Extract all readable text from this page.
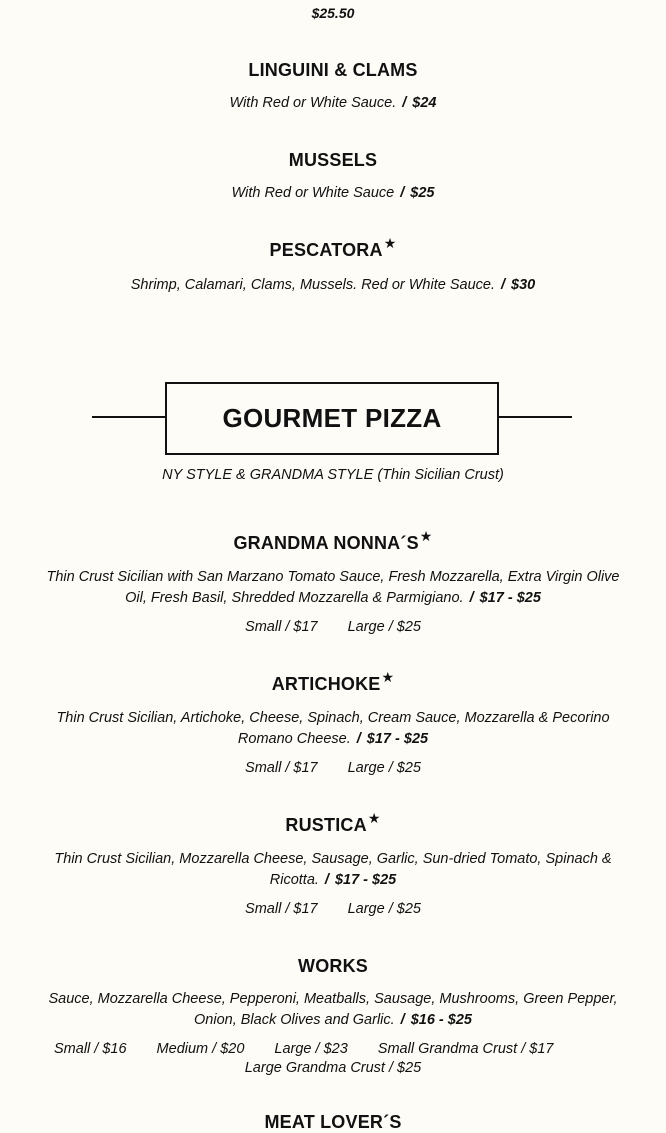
$25.50
LINGUINI & CLAMS
With Red or White Sauce. / $24
MUSSELS
With Red or White Sauce / $25
PESCATORA★
Shrimp, Calamari, Clams, Mussels. Red or White Sauce. / $30
GOURMET PIZZA
NY STYLE & GRANDMA STYLE (Thin Sicilian Crust)
GRANDMA NONNA´S★
Thin Crust Sicilian with San Marzano Tomato Sauce, Fresh Mozzarella, Extra Virgin Olive
Oil, Fresh Basil, Shredded Mozzarella & Parmigiano. / $17 - $25
Small / $17 Large / $25
ARTICHOKE★
Thin Crust Sicilian, Artichoke, Cheese, Spinach, Cream Sauce, Mozzarella & Pecorino
Romano Cheese. / $17 - $25
Small / $17 Large / $25
RUSTICA★
Thin Crust Sicilian, Mozzarella Cheese, Sausage, Garlic, Sun-dried Tomato, Spinach &
Ricotta. / $17 - $25
Small / $17 Large / $25
WORKS
Sauce, Mozzarella Cheese, Pepperoni, Meatballs, Sausage, Mushrooms, Green Pepper,
Onion, Black Olives and Garlic. / $16 - $25
Small / $16 Medium / $20 Large / $23 Small Grandma Crust / $17
Large Grandma Crust / $25
MEAT LOVER´S
